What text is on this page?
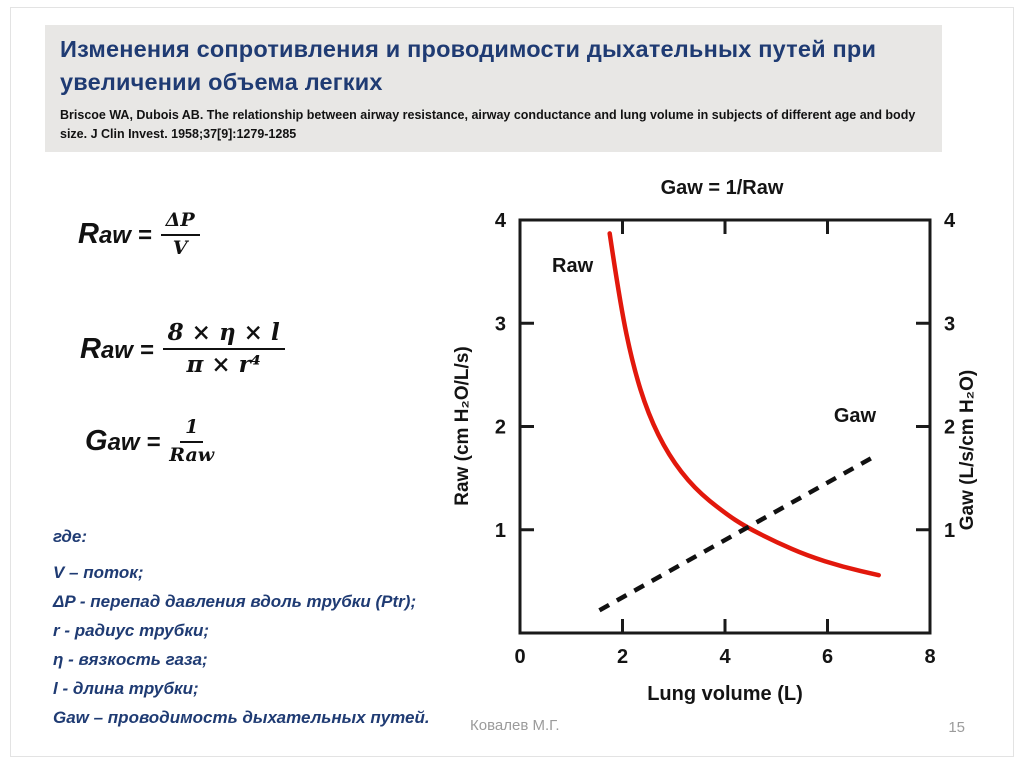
Изменения сопротивления и проводимости дыхательных путей при увеличении объема легких
Briscoe WA, Dubois AB. The relationship between airway resistance, airway conductance and lung volume in subjects of different age and body size. J Clin Invest. 1958;37[9]:1279-1285
Raw = $\frac{\Delta P}{V}$
Raw = $\frac{8 \times \eta \times l}{\text{π × r⁴}}$
Gaw = $\frac{1}{\text{Raw}}$
где:
V – поток;
ΔP - перепад давления вдоль трубки (Ptr);
r - радиус трубки;
η - вязкость газа;
l - длина трубки;
Gaw – проводимость дыхательных путей.
Gaw = 1/Raw
0	2	4	6	8
1
2
3
4
1
2
3
4
Raw
Gaw
Lung volume (L)
Raw (cm H₂O/L/s)	Gaw (L/s/cm H₂O)
Ковалев М.Г.	15
